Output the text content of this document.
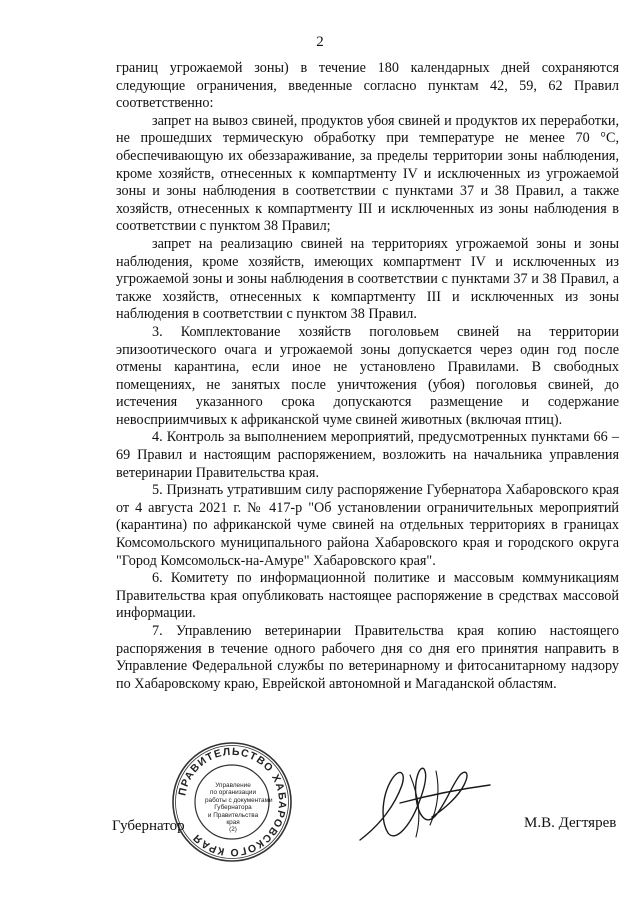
2

границ угрожаемой зоны) в течение 180 календарных дней сохраняются следующие ограничения, введенные согласно пунктам 42, 59, 62 Правил соответственно:

запрет на вывоз свиней, продуктов убоя свиней и продуктов их переработки, не прошедших термическую обработку при температуре не менее 70 °С, обеспечивающую их обеззараживание, за пределы территории зоны наблюдения, кроме хозяйств, отнесенных к компартменту IV и исключенных из угрожаемой зоны и зоны наблюдения в соответствии с пунктами 37 и 38 Правил, а также хозяйств, отнесенных к компартменту III и исключенных из зоны наблюдения в соответствии с пунктом 38 Правил;

запрет на реализацию свиней на территориях угрожаемой зоны и зоны наблюдения, кроме хозяйств, имеющих компартмент IV и исключенных из угрожаемой зоны и зоны наблюдения в соответствии с пунктами 37 и 38 Правил, а также хозяйств, отнесенных к компартменту III и исключенных из зоны наблюдения в соответствии с пунктом 38 Правил.

3. Комплектование хозяйств поголовьем свиней на территории эпизоотического очага и угрожаемой зоны допускается через один год после отмены карантина, если иное не установлено Правилами. В свободных помещениях, не занятых после уничтожения (убоя) поголовья свиней, до истечения указанного срока допускаются размещение и содержание невосприимчивых к африканской чуме свиней животных (включая птиц).

4. Контроль за выполнением мероприятий, предусмотренных пунктами 66 – 69 Правил и настоящим распоряжением, возложить на начальника управления ветеринарии Правительства края.

5. Признать утратившим силу распоряжение Губернатора Хабаровского края от 4 августа 2021 г. № 417-р "Об установлении ограничительных мероприятий (карантина) по африканской чуме свиней на отдельных территориях в границах Комсомольского муниципального района Хабаровского края и городского округа "Город Комсомольск-на-Амуре" Хабаровского края".

6. Комитету по информационной политике и массовым коммуникациям Правительства края опубликовать настоящее распоряжение в средствах массовой информации.

7. Управлению ветеринарии Правительства края копию настоящего распоряжения в течение одного рабочего дня со дня его принятия направить в Управление Федеральной службы по ветеринарному и фитосанитарному надзору по Хабаровскому краю, Еврейской автономной и Магаданской областям.

ПРАВИТЕЛЬСТВО ХАБАРОВСКОГО КРАЯ
Управление
по организации
работы с документами
Губернатора
и Правительства
края
(2)
Губернатор	М.В. Дегтярев
